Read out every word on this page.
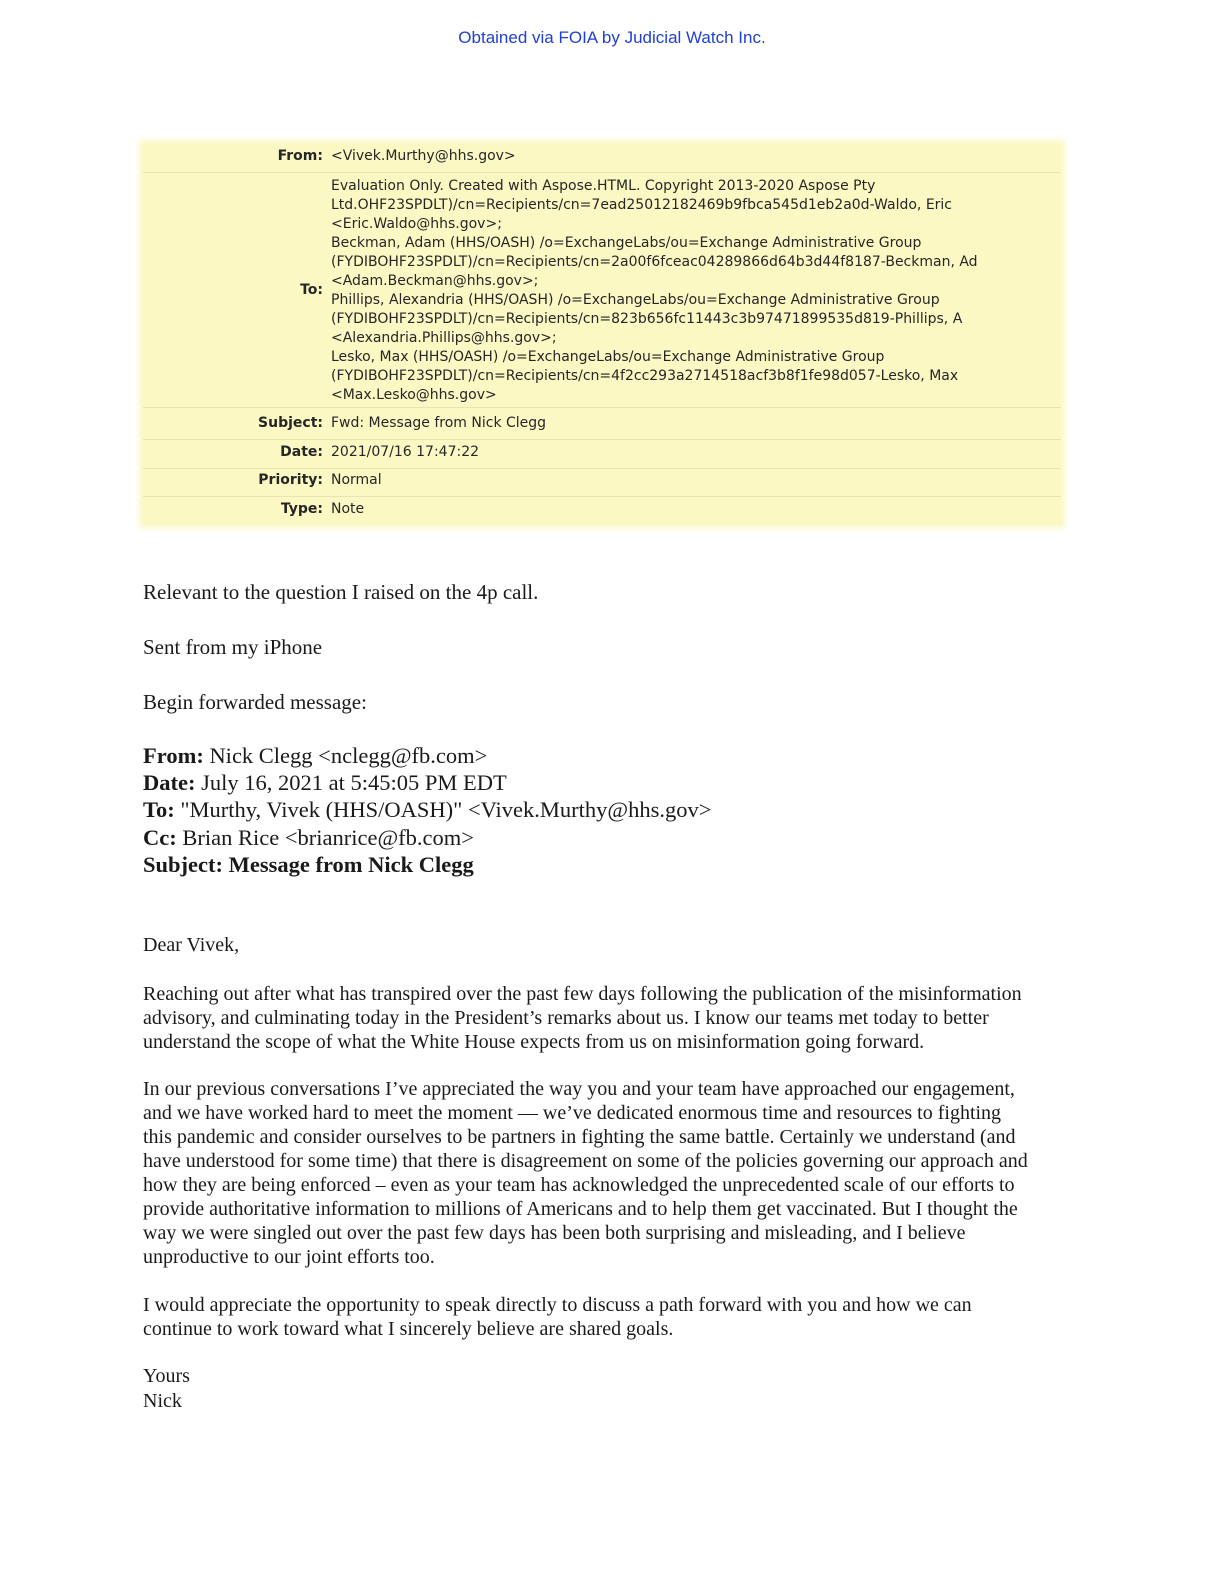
Obtained via FOIA by Judicial Watch Inc.
From: <Vivek.Murthy@hhs.gov>
To:
Evaluation Only. Created with Aspose.HTML. Copyright 2013-2020 Aspose Pty
Ltd.OHF23SPDLT)/cn=Recipients/cn=7ead25012182469b9fbca545d1eb2a0d-Waldo, Eric
<Eric.Waldo@hhs.gov>;
Beckman, Adam (HHS/OASH) /o=ExchangeLabs/ou=Exchange Administrative Group
(FYDIBOHF23SPDLT)/cn=Recipients/cn=2a00f6fceac04289866d64b3d44f8187-Beckman, Ad
<Adam.Beckman@hhs.gov>;
Phillips, Alexandria (HHS/OASH) /o=ExchangeLabs/ou=Exchange Administrative Group
(FYDIBOHF23SPDLT)/cn=Recipients/cn=823b656fc11443c3b97471899535d819-Phillips, A
<Alexandria.Phillips@hhs.gov>;
Lesko, Max (HHS/OASH) /o=ExchangeLabs/ou=Exchange Administrative Group
(FYDIBOHF23SPDLT)/cn=Recipients/cn=4f2cc293a2714518acf3b8f1fe98d057-Lesko, Max
<Max.Lesko@hhs.gov>
Subject: Fwd: Message from Nick Clegg
Date: 2021/07/16 17:47:22
Priority: Normal
Type: Note
Relevant to the question I raised on the 4p call.
Sent from my iPhone
Begin forwarded message:
From: Nick Clegg <nclegg@fb.com>
Date: July 16, 2021 at 5:45:05 PM EDT
To: "Murthy, Vivek (HHS/OASH)" <Vivek.Murthy@hhs.gov>
Cc: Brian Rice <brianrice@fb.com>
Subject: Message from Nick Clegg
Dear Vivek,
Reaching out after what has transpired over the past few days following the publication of the misinformation
advisory, and culminating today in the President’s remarks about us. I know our teams met today to better
understand the scope of what the White House expects from us on misinformation going forward.
In our previous conversations I’ve appreciated the way you and your team have approached our engagement,
and we have worked hard to meet the moment — we’ve dedicated enormous time and resources to fighting
this pandemic and consider ourselves to be partners in fighting the same battle. Certainly we understand (and
have understood for some time) that there is disagreement on some of the policies governing our approach and
how they are being enforced – even as your team has acknowledged the unprecedented scale of our efforts to
provide authoritative information to millions of Americans and to help them get vaccinated. But I thought the
way we were singled out over the past few days has been both surprising and misleading, and I believe
unproductive to our joint efforts too.
I would appreciate the opportunity to speak directly to discuss a path forward with you and how we can
continue to work toward what I sincerely believe are shared goals.
Yours
Nick
